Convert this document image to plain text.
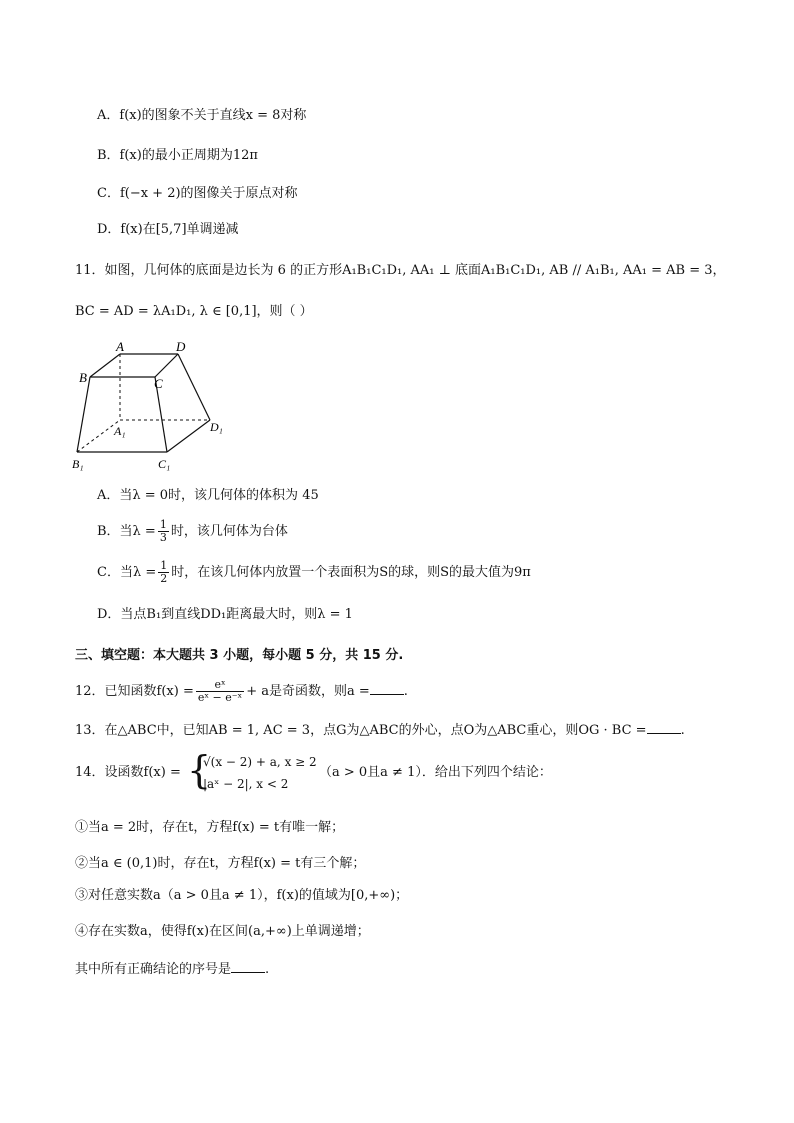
A．f(x)的图象不关于直线x = 8对称
B．f(x)的最小正周期为12π
C．f(−x + 2)的图像关于原点对称
D．f(x)在[5,7]单调递减
11．如图，几何体的底面是边长为 6 的正方形A₁B₁C₁D₁, AA₁ ⊥ 底面A₁B₁C₁D₁, AB // A₁B₁, AA₁ = AB = 3，
BC = AD = λA₁D₁, λ ∈ [0,1]，则（ ）
A	D
B	C
A₁	D₁
B₁	C₁
A．当λ = 0时，该几何体的体积为 45
B．当$\lambda = \frac{1}{3}$ 时，该几何体为台体
C．当$\lambda = \frac{1}{2}$ 时，在该几何体内放置一个表面积为S的球，则S的最大值为9π
D．当点B₁到直线DD₁距离最大时，则λ = 1
三、填空题：本大题共 3 小题，每小题 5 分，共 15 分.
12．已知函数$f(x) = \frac{\text{eˣ}}{\text{eˣ − e⁻ˣ}} + a$是奇函数，则a =	.
13．在△ABC中，已知AB = 1, AC = 3，点G为△ABC的外心，点O为△ABC重心，则OG · BC =	.
14．设函数f(x) = {
√(x − 2) + a, x ≥ 2
|aˣ − 2|, x < 2
（a > 0且a ≠ 1）．给出下列四个结论：
①当a = 2时，存在t，方程f(x) = t有唯一解；
②当a ∈ (0,1)时，存在t，方程f(x) = t有三个解；
③对任意实数a（a > 0且a ≠ 1），f(x)的值域为[0,+∞)；
④存在实数a，使得f(x)在区间(a,+∞)上单调递增；
其中所有正确结论的序号是	.
